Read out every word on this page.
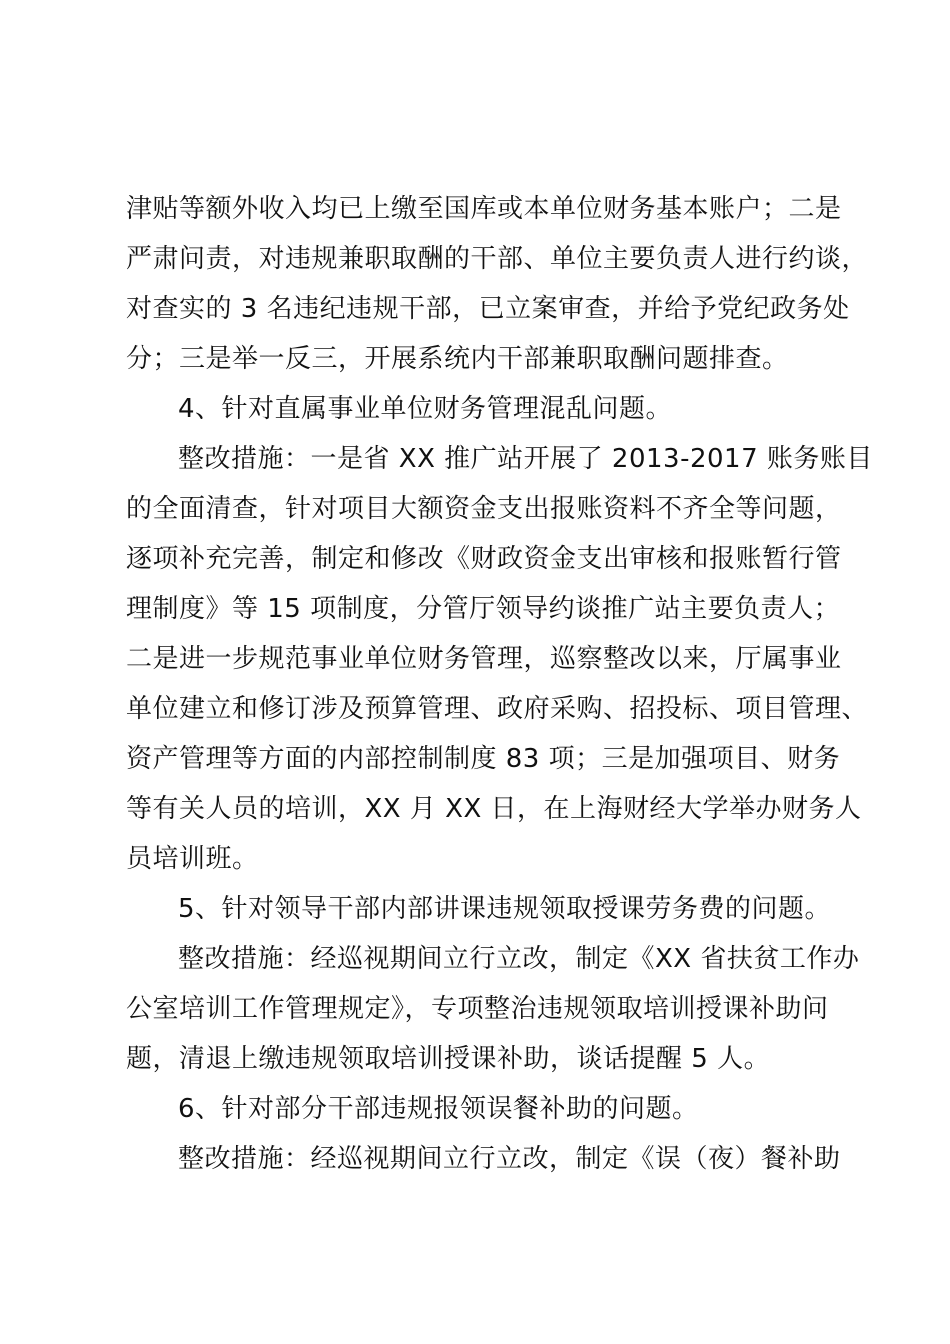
津贴等额外收入均已上缴至国库或本单位财务基本账户；二是
严肃问责，对违规兼职取酬的干部、单位主要负责人进行约谈，
对查实的 3 名违纪违规干部，已立案审查，并给予党纪政务处
分；三是举一反三，开展系统内干部兼职取酬问题排查。
4、针对直属事业单位财务管理混乱问题。
整改措施：一是省 XX 推广站开展了 2013-2017 账务账目
的全面清查，针对项目大额资金支出报账资料不齐全等问题，
逐项补充完善，制定和修改《财政资金支出审核和报账暂行管
理制度》等 15 项制度，分管厅领导约谈推广站主要负责人；
二是进一步规范事业单位财务管理，巡察整改以来，厅属事业
单位建立和修订涉及预算管理、政府采购、招投标、项目管理、
资产管理等方面的内部控制制度 83 项；三是加强项目、财务
等有关人员的培训，XX 月 XX 日，在上海财经大学举办财务人
员培训班。
5、针对领导干部内部讲课违规领取授课劳务费的问题。
整改措施：经巡视期间立行立改，制定《XX 省扶贫工作办
公室培训工作管理规定》，专项整治违规领取培训授课补助问
题，清退上缴违规领取培训授课补助，谈话提醒 5 人。
6、针对部分干部违规报领误餐补助的问题。
整改措施：经巡视期间立行立改，制定《误（夜）餐补助
